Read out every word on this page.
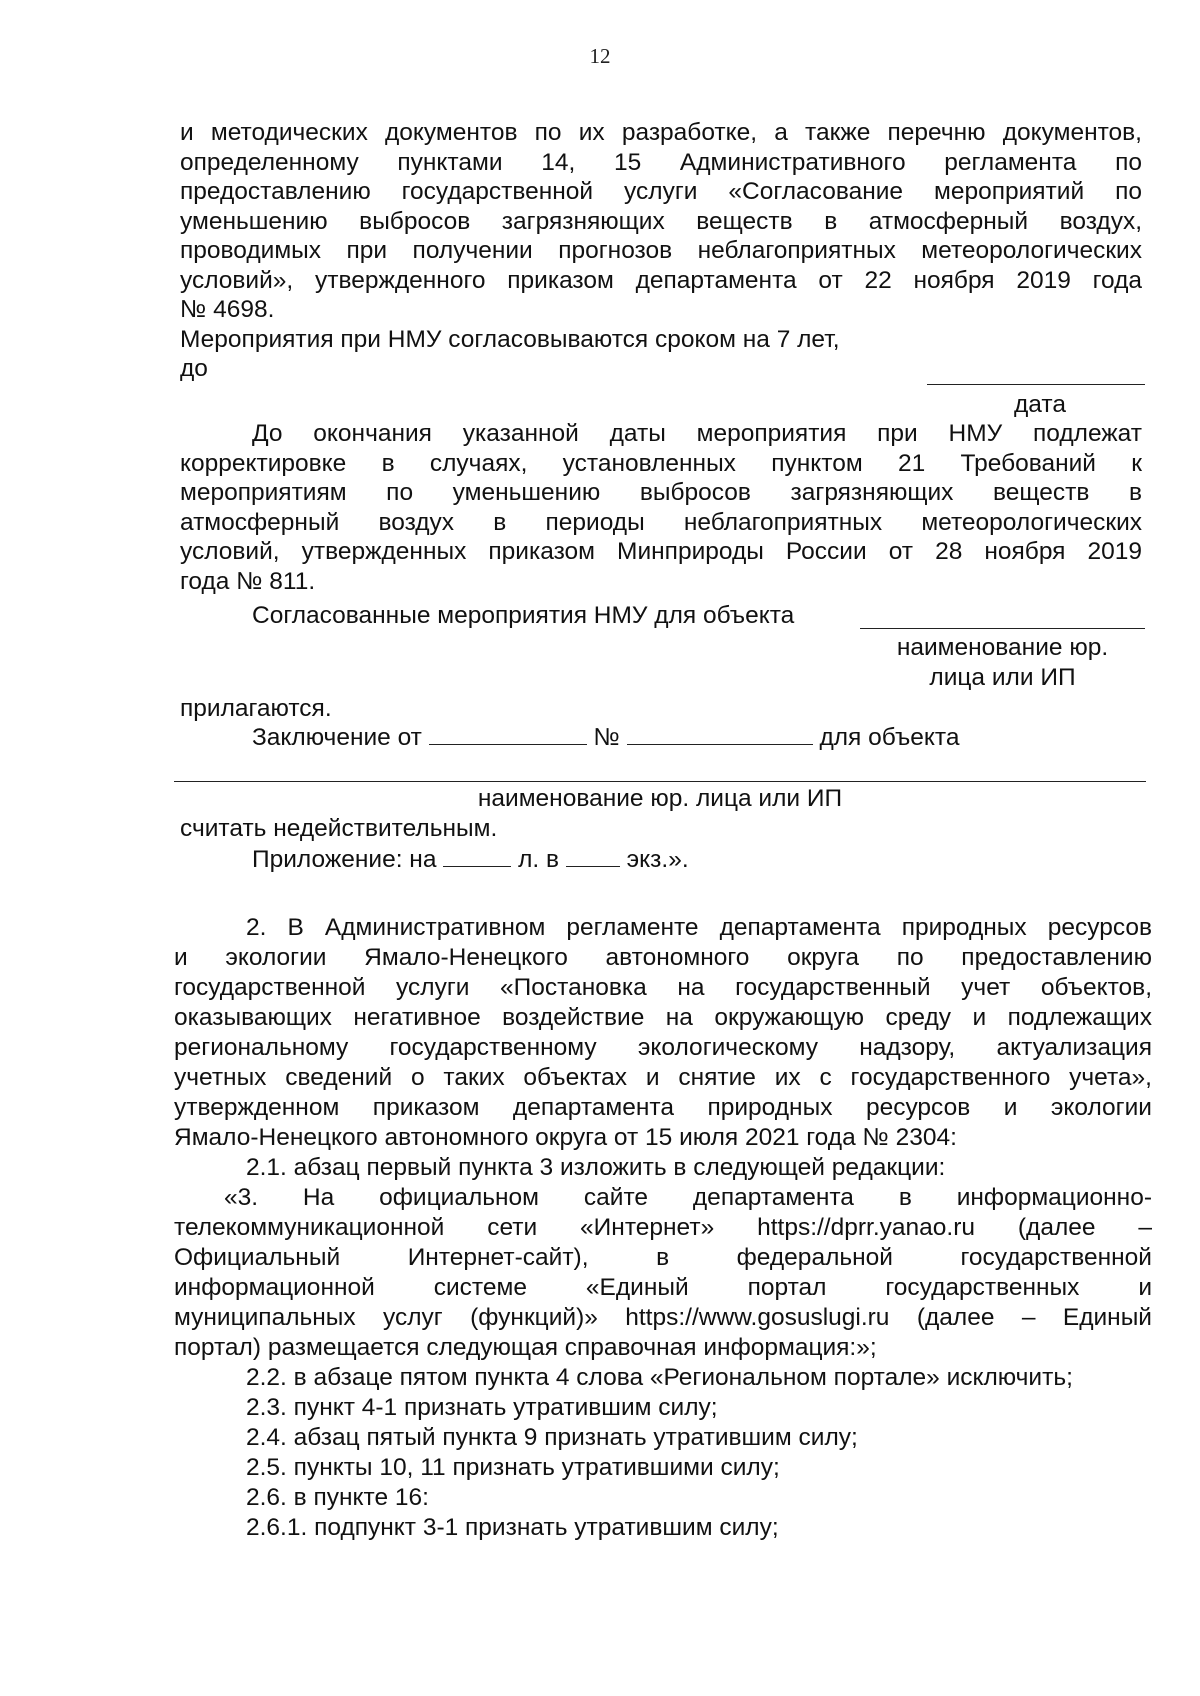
12
и методических документов по их разработке, а также перечню документов,
определенному пунктами 14, 15 Административного регламента по
предоставлению государственной услуги «Согласование мероприятий по
уменьшению выбросов загрязняющих веществ в атмосферный воздух,
проводимых при получении прогнозов неблагоприятных метеорологических
условий», утвержденного приказом департамента от 22 ноября 2019 года
№ 4698.
Мероприятия при НМУ согласовываются сроком на 7 лет,
до
дата
До окончания указанной даты мероприятия при НМУ подлежат
корректировке в случаях, установленных пунктом 21 Требований к
мероприятиям по уменьшению выбросов загрязняющих веществ в
атмосферный воздух в периоды неблагоприятных метеорологических
условий, утвержденных приказом Минприроды России от 28 ноября 2019
года № 811.
Согласованные мероприятия НМУ для объекта
наименование юр.
лица или ИП
прилагаются.
Заключение от	№	для объекта
наименование юр. лица или ИП
считать недействительным.
Приложение: на	л. в	экз.».
2. В Административном регламенте департамента природных ресурсов
и экологии Ямало-Ненецкого автономного округа по предоставлению
государственной услуги «Постановка на государственный учет объектов,
оказывающих негативное воздействие на окружающую среду и подлежащих
региональному государственному экологическому надзору, актуализация
учетных сведений о таких объектах и снятие их с государственного учета»,
утвержденном приказом департамента природных ресурсов и экологии
Ямало-Ненецкого автономного округа от 15 июля 2021 года № 2304:
2.1. абзац первый пункта 3 изложить в следующей редакции:
«3. На официальном сайте департамента в информационно-
телекоммуникационной сети «Интернет» https://dprr.yanao.ru (далее –
Официальный Интернет-сайт), в федеральной государственной
информационной системе «Единый портал государственных и
муниципальных услуг (функций)» https://www.gosuslugi.ru (далее – Единый
портал) размещается следующая справочная информация:»;
2.2. в абзаце пятом пункта 4 слова «Региональном портале» исключить;
2.3. пункт 4-1 признать утратившим силу;
2.4. абзац пятый пункта 9 признать утратившим силу;
2.5. пункты 10, 11 признать утратившими силу;
2.6. в пункте 16:
2.6.1. подпункт 3-1 признать утратившим силу;
